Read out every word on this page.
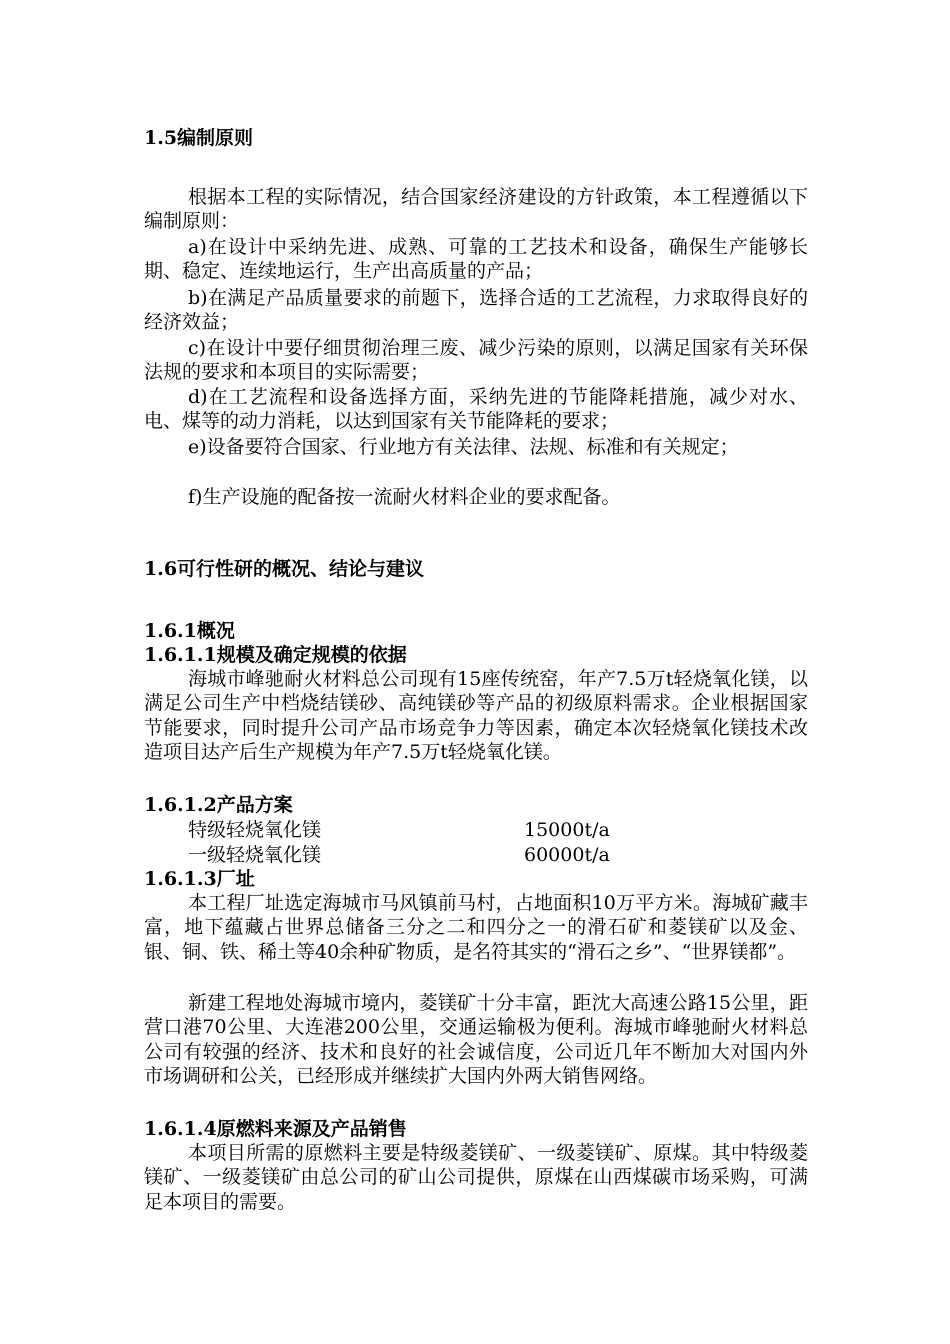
1.5编制原则
根据本工程的实际情况，结合国家经济建设的方针政策，本工程遵循以下编制原则：
a)在设计中采纳先进、成熟、可靠的工艺技术和设备，确保生产能够长期、稳定、连续地运行，生产出高质量的产品；
b)在满足产品质量要求的前题下，选择合适的工艺流程，力求取得良好的经济效益；
c)在设计中要仔细贯彻治理三废、减少污染的原则，以满足国家有关环保法规的要求和本项目的实际需要；
d)在工艺流程和设备选择方面，采纳先进的节能降耗措施，减少对水、电、煤等的动力消耗，以达到国家有关节能降耗的要求；
e)设备要符合国家、行业地方有关法律、法规、标准和有关规定；
f)生产设施的配备按一流耐火材料企业的要求配备。
1.6可行性研的概况、结论与建议
1.6.1概况
1.6.1.1规模及确定规模的依据
海城市峰驰耐火材料总公司现有15座传统窑，年产7.5万t轻烧氧化镁，以满足公司生产中档烧结镁砂、高纯镁砂等产品的初级原料需求。企业根据国家节能要求，同时提升公司产品市场竞争力等因素，确定本次轻烧氧化镁技术改造项目达产后生产规模为年产7.5万t轻烧氧化镁。
1.6.1.2产品方案
特级轻烧氧化镁	15000t/a
一级轻烧氧化镁	60000t/a
1.6.1.3厂址
本工程厂址选定海城市马风镇前马村，占地面积10万平方米。海城矿藏丰富，地下蕴藏占世界总储备三分之二和四分之一的滑石矿和菱镁矿以及金、银、铜、铁、稀土等40余种矿物质，是名符其实的“滑石之乡”、“世界镁都”。
新建工程地处海城市境内，菱镁矿十分丰富，距沈大高速公路15公里，距营口港70公里、大连港200公里，交通运输极为便利。海城市峰驰耐火材料总公司有较强的经济、技术和良好的社会诚信度，公司近几年不断加大对国内外市场调研和公关，已经形成并继续扩大国内外两大销售网络。
1.6.1.4原燃料来源及产品销售
本项目所需的原燃料主要是特级菱镁矿、一级菱镁矿、原煤。其中特级菱镁矿、一级菱镁矿由总公司的矿山公司提供，原煤在山西煤碳市场采购，可满足本项目的需要。
